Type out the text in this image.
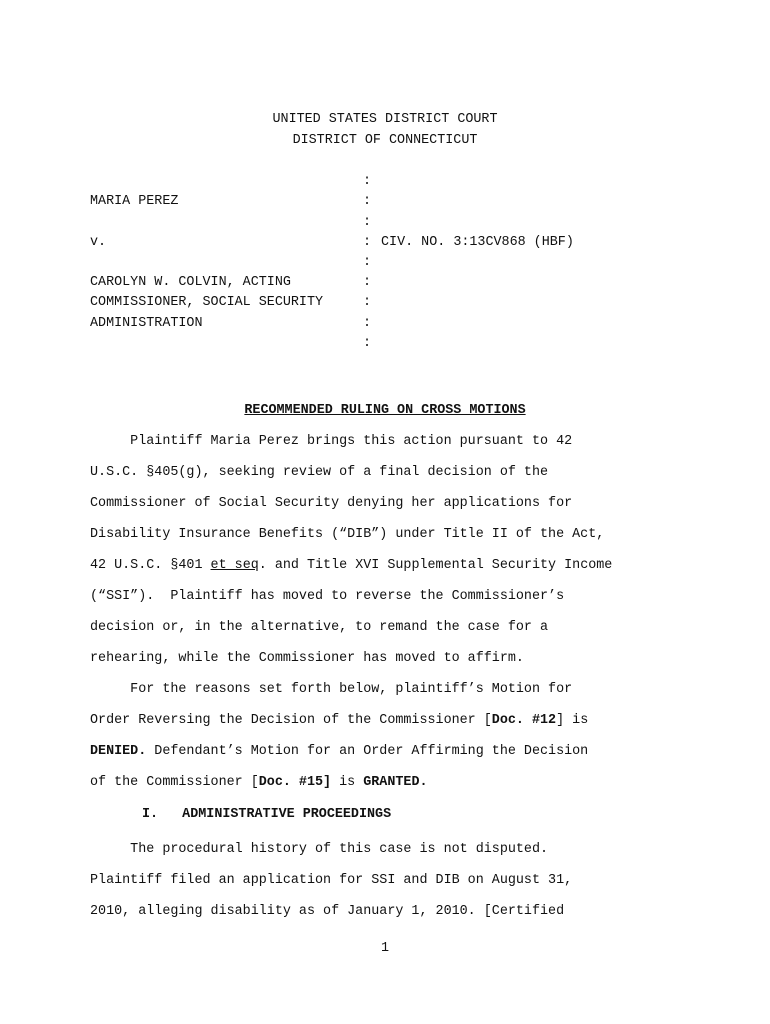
UNITED STATES DISTRICT COURT
DISTRICT OF CONNECTICUT
:
MARIA PEREZ	:
:
v.	: CIV. NO. 3:13CV868 (HBF)
:
CAROLYN W. COLVIN, ACTING	:
COMMISSIONER, SOCIAL SECURITY	:
ADMINISTRATION	:
:
RECOMMENDED RULING ON CROSS MOTIONS
Plaintiff Maria Perez brings this action pursuant to 42
U.S.C. §405(g), seeking review of a final decision of the
Commissioner of Social Security denying her applications for
Disability Insurance Benefits (“DIB”) under Title II of the Act,
42 U.S.C. §401 et seq. and Title XVI Supplemental Security Income
(“SSI”).  Plaintiff has moved to reverse the Commissioner’s
decision or, in the alternative, to remand the case for a
rehearing, while the Commissioner has moved to affirm.
For the reasons set forth below, plaintiff’s Motion for
Order Reversing the Decision of the Commissioner [Doc. #12] is
DENIED. Defendant’s Motion for an Order Affirming the Decision
of the Commissioner [Doc. #15] is GRANTED.
I.   ADMINISTRATIVE PROCEEDINGS
The procedural history of this case is not disputed.
Plaintiff filed an application for SSI and DIB on August 31,
2010, alleging disability as of January 1, 2010. [Certified
1
